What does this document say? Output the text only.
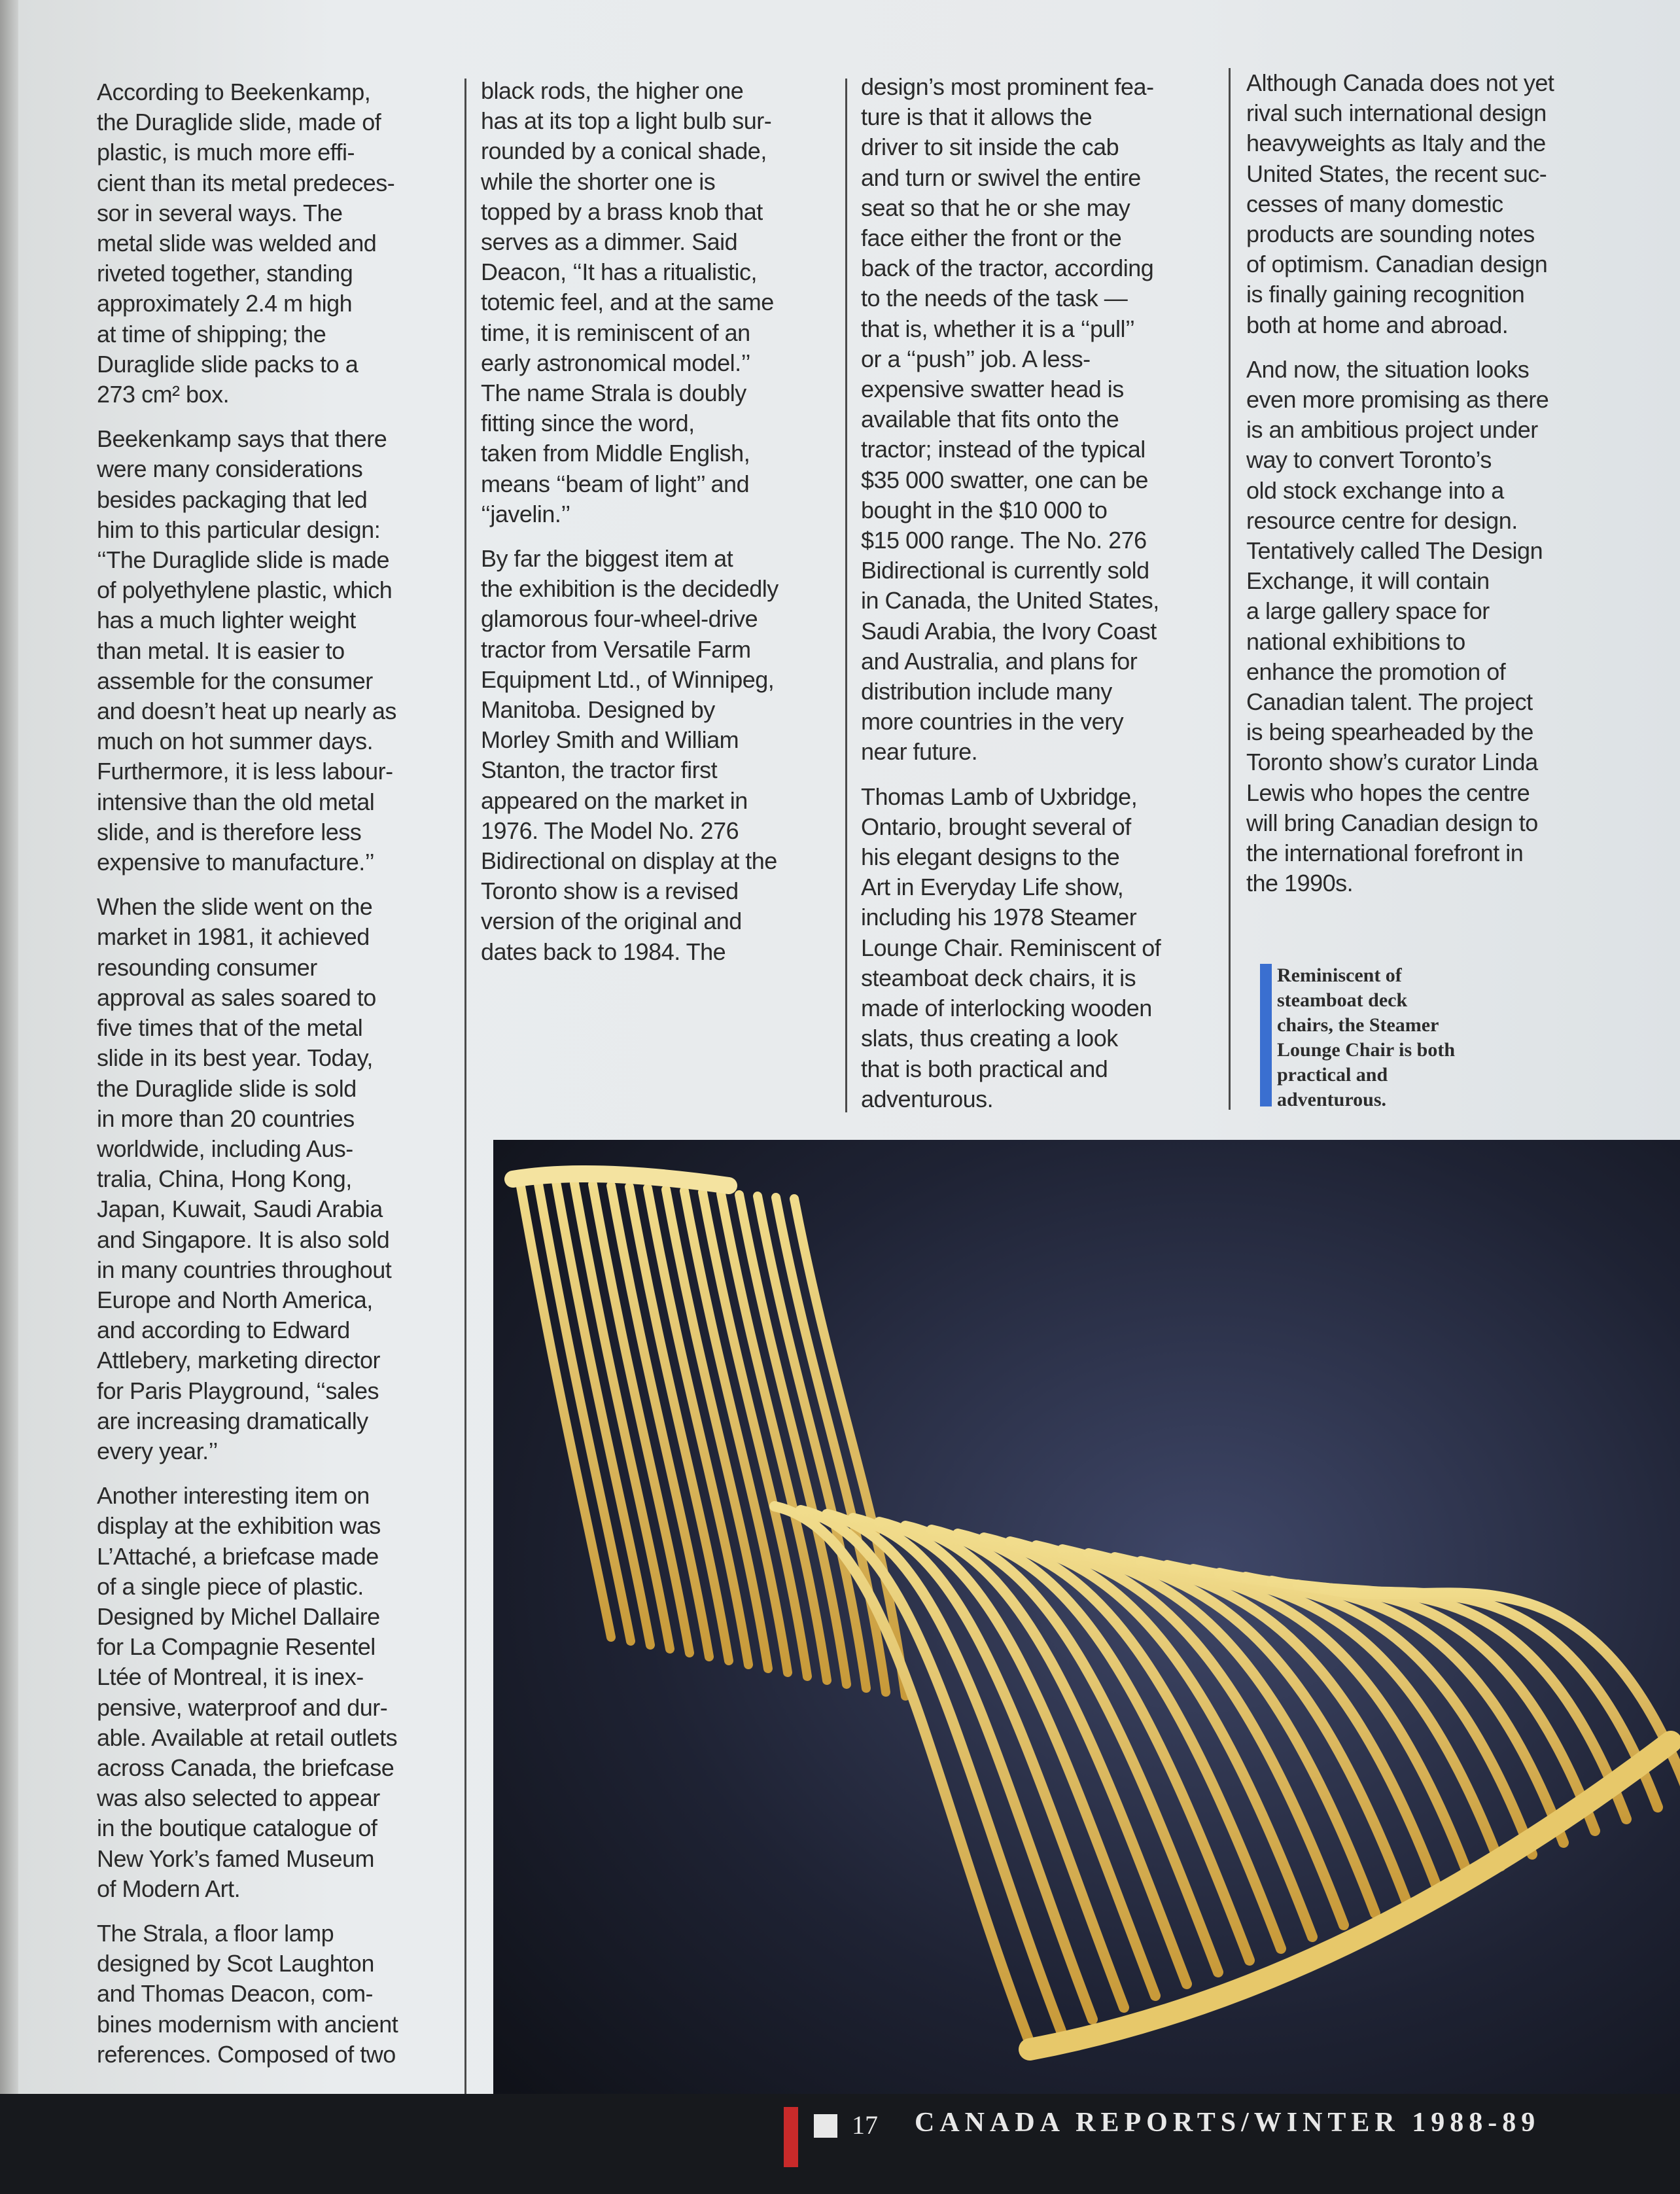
According to Beekenkamp,
the Duraglide slide, made of
plastic, is much more effi-
cient than its metal predeces-
sor in several ways. The
metal slide was welded and
riveted together, standing
approximately 2.4 m high
at time of shipping; the
Duraglide slide packs to a
273 cm² box.

Beekenkamp says that there
were many considerations
besides packaging that led
him to this particular design:
‘‘The Duraglide slide is made
of polyethylene plastic, which
has a much lighter weight
than metal. It is easier to
assemble for the consumer
and doesn’t heat up nearly as
much on hot summer days.
Furthermore, it is less labour-
intensive than the old metal
slide, and is therefore less
expensive to manufacture.’’

When the slide went on the
market in 1981, it achieved
resounding consumer
approval as sales soared to
five times that of the metal
slide in its best year. Today,
the Duraglide slide is sold
in more than 20 countries
worldwide, including Aus-
tralia, China, Hong Kong,
Japan, Kuwait, Saudi Arabia
and Singapore. It is also sold
in many countries throughout
Europe and North America,
and according to Edward
Attlebery, marketing director
for Paris Playground, ‘‘sales
are increasing dramatically
every year.’’

Another interesting item on
display at the exhibition was
L’Attaché, a briefcase made
of a single piece of plastic.
Designed by Michel Dallaire
for La Compagnie Resentel
Ltée of Montreal, it is inex-
pensive, waterproof and dur-
able. Available at retail outlets
across Canada, the briefcase
was also selected to appear
in the boutique catalogue of
New York’s famed Museum
of Modern Art.

The Strala, a floor lamp
designed by Scot Laughton
and Thomas Deacon, com-
bines modernism with ancient
references. Composed of two

black rods, the higher one
has at its top a light bulb sur-
rounded by a conical shade,
while the shorter one is
topped by a brass knob that
serves as a dimmer. Said
Deacon, ‘‘It has a ritualistic,
totemic feel, and at the same
time, it is reminiscent of an
early astronomical model.’’
The name Strala is doubly
fitting since the word,
taken from Middle English,
means ‘‘beam of light’’ and
‘‘javelin.’’

By far the biggest item at
the exhibition is the decidedly
glamorous four-wheel-drive
tractor from Versatile Farm
Equipment Ltd., of Winnipeg,
Manitoba. Designed by
Morley Smith and William
Stanton, the tractor first
appeared on the market in
1976. The Model No. 276
Bidirectional on display at the
Toronto show is a revised
version of the original and
dates back to 1984. The

design’s most prominent fea-
ture is that it allows the
driver to sit inside the cab
and turn or swivel the entire
seat so that he or she may
face either the front or the
back of the tractor, according
to the needs of the task —
that is, whether it is a ‘‘pull’’
or a ‘‘push’’ job. A less-
expensive swatter head is
available that fits onto the
tractor; instead of the typical
$35 000 swatter, one can be
bought in the $10 000 to
$15 000 range. The No. 276
Bidirectional is currently sold
in Canada, the United States,
Saudi Arabia, the Ivory Coast
and Australia, and plans for
distribution include many
more countries in the very
near future.

Thomas Lamb of Uxbridge,
Ontario, brought several of
his elegant designs to the
Art in Everyday Life show,
including his 1978 Steamer
Lounge Chair. Reminiscent of
steamboat deck chairs, it is
made of interlocking wooden
slats, thus creating a look
that is both practical and
adventurous.

Although Canada does not yet
rival such international design
heavyweights as Italy and the
United States, the recent suc-
cesses of many domestic
products are sounding notes
of optimism. Canadian design
is finally gaining recognition
both at home and abroad.

And now, the situation looks
even more promising as there
is an ambitious project under
way to convert Toronto’s
old stock exchange into a
resource centre for design.
Tentatively called The Design
Exchange, it will contain
a large gallery space for
national exhibitions to
enhance the promotion of
Canadian talent. The project
is being spearheaded by the
Toronto show’s curator Linda
Lewis who hopes the centre
will bring Canadian design to
the international forefront in
the 1990s.

Reminiscent of
steamboat deck
chairs, the Steamer
Lounge Chair is both
practical and
adventurous.
17 CANADA REPORTS/WINTER 1988-89
